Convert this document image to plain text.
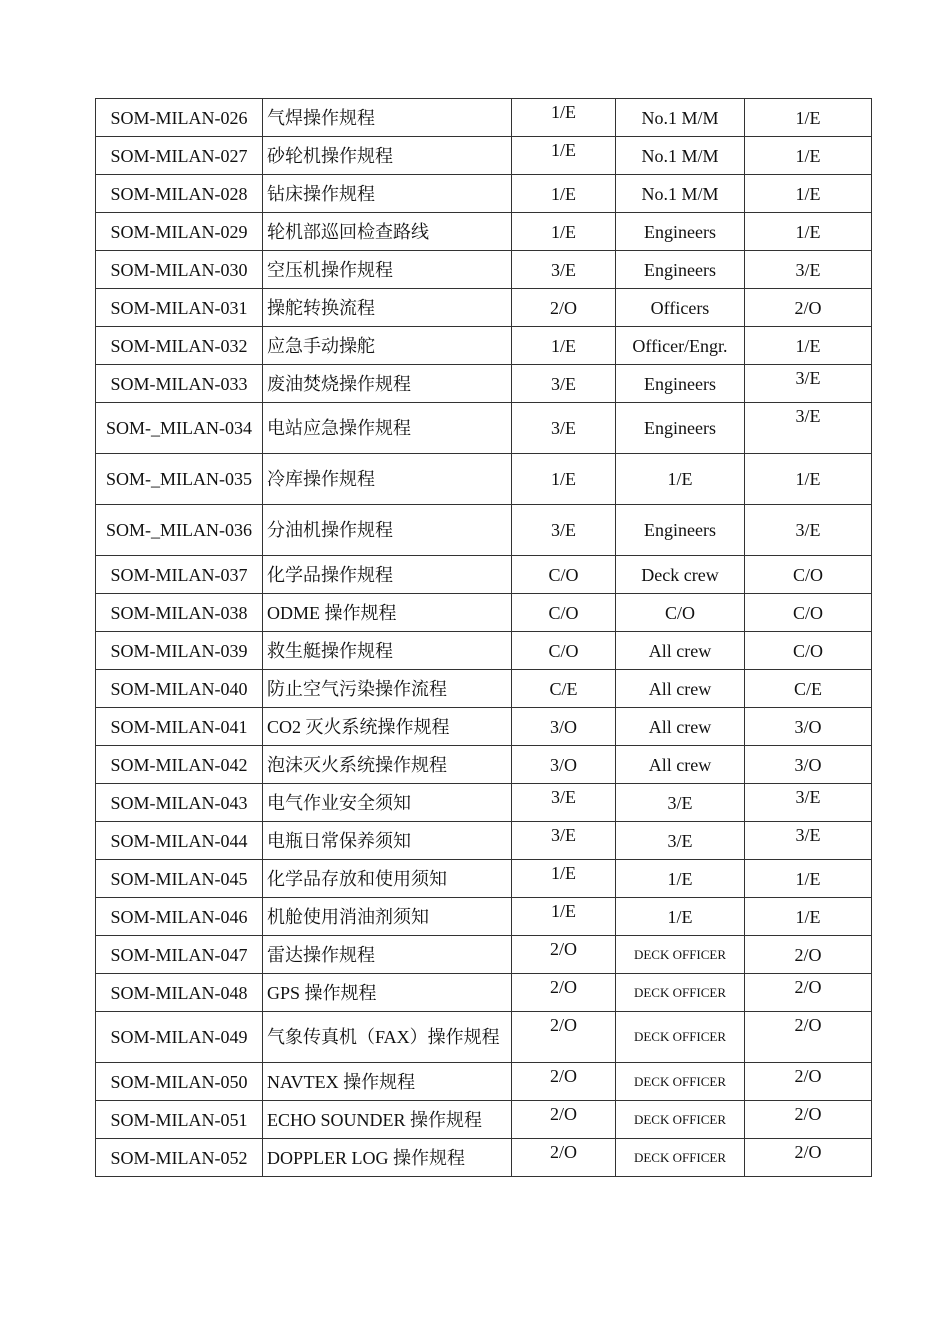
SOM-MILAN-026	气焊操作规程	1/E	No.1 M/M	1/E
SOM-MILAN-027	砂轮机操作规程	1/E	No.1 M/M	1/E
SOM-MILAN-028	钻床操作规程	1/E	No.1 M/M	1/E
SOM-MILAN-029	轮机部巡回检查路线	1/E	Engineers	1/E
SOM-MILAN-030	空压机操作规程	3/E	Engineers	3/E
SOM-MILAN-031	操舵转换流程	2/O	Officers	2/O
SOM-MILAN-032	应急手动操舵	1/E	Officer/Engr.	1/E
SOM-MILAN-033	废油焚烧操作规程	3/E	Engineers	3/E
SOM-_MILAN-034	电站应急操作规程	3/E	Engineers	3/E
SOM-_MILAN-035	冷库操作规程	1/E	1/E	1/E
SOM-_MILAN-036	分油机操作规程	3/E	Engineers	3/E
SOM-MILAN-037	化学品操作规程	C/O	Deck crew	C/O
SOM-MILAN-038	ODME 操作规程	C/O	C/O	C/O
SOM-MILAN-039	救生艇操作规程	C/O	All crew	C/O
SOM-MILAN-040	防止空气污染操作流程	C/E	All crew	C/E
SOM-MILAN-041	CO2 灭火系统操作规程	3/O	All crew	3/O
SOM-MILAN-042	泡沫灭火系统操作规程	3/O	All crew	3/O
SOM-MILAN-043	电气作业安全须知	3/E	3/E	3/E
SOM-MILAN-044	电瓶日常保养须知	3/E	3/E	3/E
SOM-MILAN-045	化学品存放和使用须知	1/E	1/E	1/E
SOM-MILAN-046	机舱使用消油剂须知	1/E	1/E	1/E
SOM-MILAN-047	雷达操作规程	2/O	DECK OFFICER	2/O
SOM-MILAN-048	GPS 操作规程	2/O	DECK OFFICER	2/O
SOM-MILAN-049	气象传真机（FAX）操作规程	2/O	DECK OFFICER	2/O
SOM-MILAN-050	NAVTEX 操作规程	2/O	DECK OFFICER	2/O
SOM-MILAN-051	ECHO SOUNDER 操作规程	2/O	DECK OFFICER	2/O
SOM-MILAN-052	DOPPLER LOG 操作规程	2/O	DECK OFFICER	2/O
